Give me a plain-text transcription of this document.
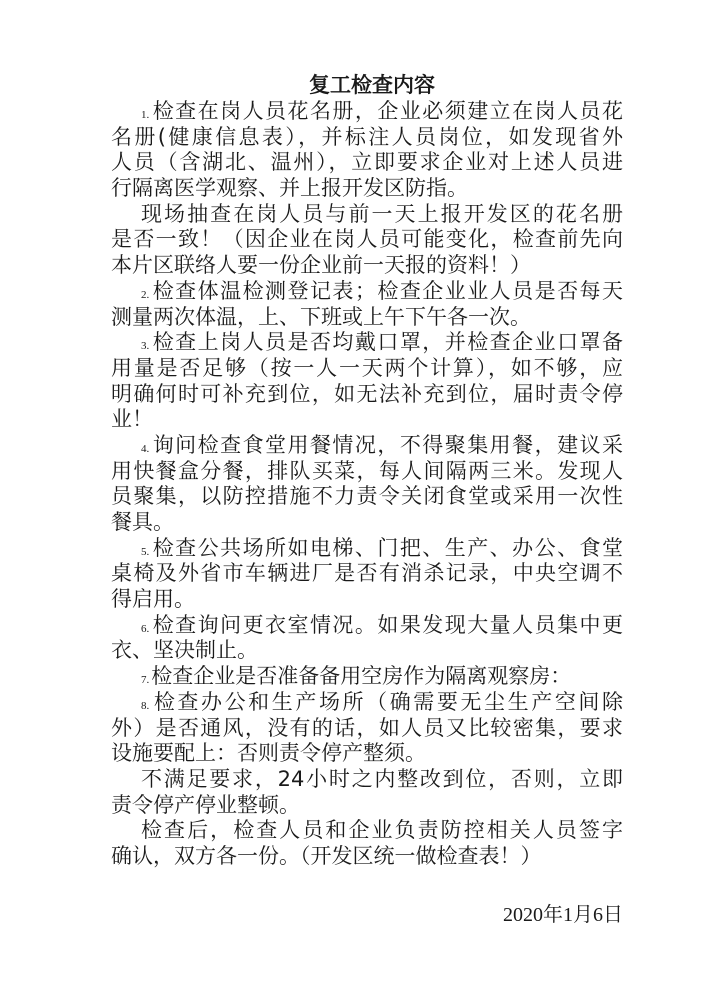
复工检查内容
1.检查在岗人员花名册，企业必须建立在岗人员花
名册(健康信息表），并标注人员岗位，如发现省外
人员（含湖北、温州），立即要求企业对上述人员进
行隔离医学观察、并上报开发区防指。
现场抽查在岗人员与前一天上报开发区的花名册
是否一致！（因企业在岗人员可能变化，检查前先向
本片区联络人要一份企业前一天报的资料！）
2.检查体温检测登记表；检查企业业人员是否每天
测量两次体温，上、下班或上午下午各一次。
3.检查上岗人员是否均戴口罩，并检查企业口罩备
用量是否足够（按一人一天两个计算），如不够，应
明确何时可补充到位，如无法补充到位，届时责令停
业！
4.询问检查食堂用餐情况，不得聚集用餐，建议采
用快餐盒分餐，排队买菜，每人间隔两三米。发现人
员聚集，以防控措施不力责令关闭食堂或采用一次性
餐具。
5.检查公共场所如电梯、门把、生产、办公、食堂
桌椅及外省市车辆进厂是否有消杀记录，中央空调不
得启用。
6.检查询问更衣室情况。如果发现大量人员集中更
衣、坚决制止。
7.检查企业是否准备备用空房作为隔离观察房：
8.检查办公和生产场所（确需要无尘生产空间除
外）是否通风，没有的话，如人员又比较密集，要求
设施要配上：否则责令停产整须。
不满足要求，24小时之内整改到位，否则，立即
责令停产停业整顿。
检查后，检查人员和企业负责防控相关人员签字
确认，双方各一份。（开发区统一做检查表！）
2020年1月6日
